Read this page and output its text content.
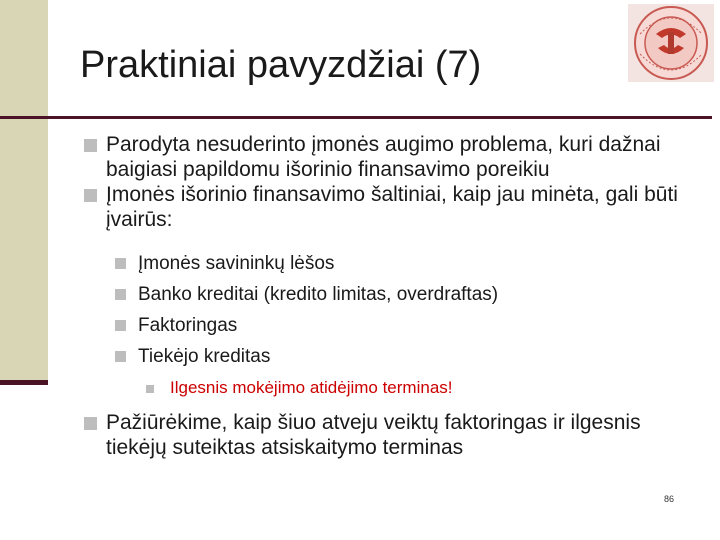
Praktiniai pavyzdžiai (7)
Parodyta nesuderinto įmonės augimo problema, kuri dažnai baigiasi papildomu išorinio finansavimo poreikiu
Įmonės išorinio finansavimo šaltiniai, kaip jau minėta, gali būti įvairūs:
Įmonės savininkų lėšos
Banko kreditai (kredito limitas, overdraftas)
Faktoringas
Tiekėjo kreditas
Ilgesnis mokėjimo atidėjimo terminas!
Pažiūrėkime, kaip šiuo atveju veiktų faktoringas ir ilgesnis tiekėjų suteiktas atsiskaitymo terminas
86
